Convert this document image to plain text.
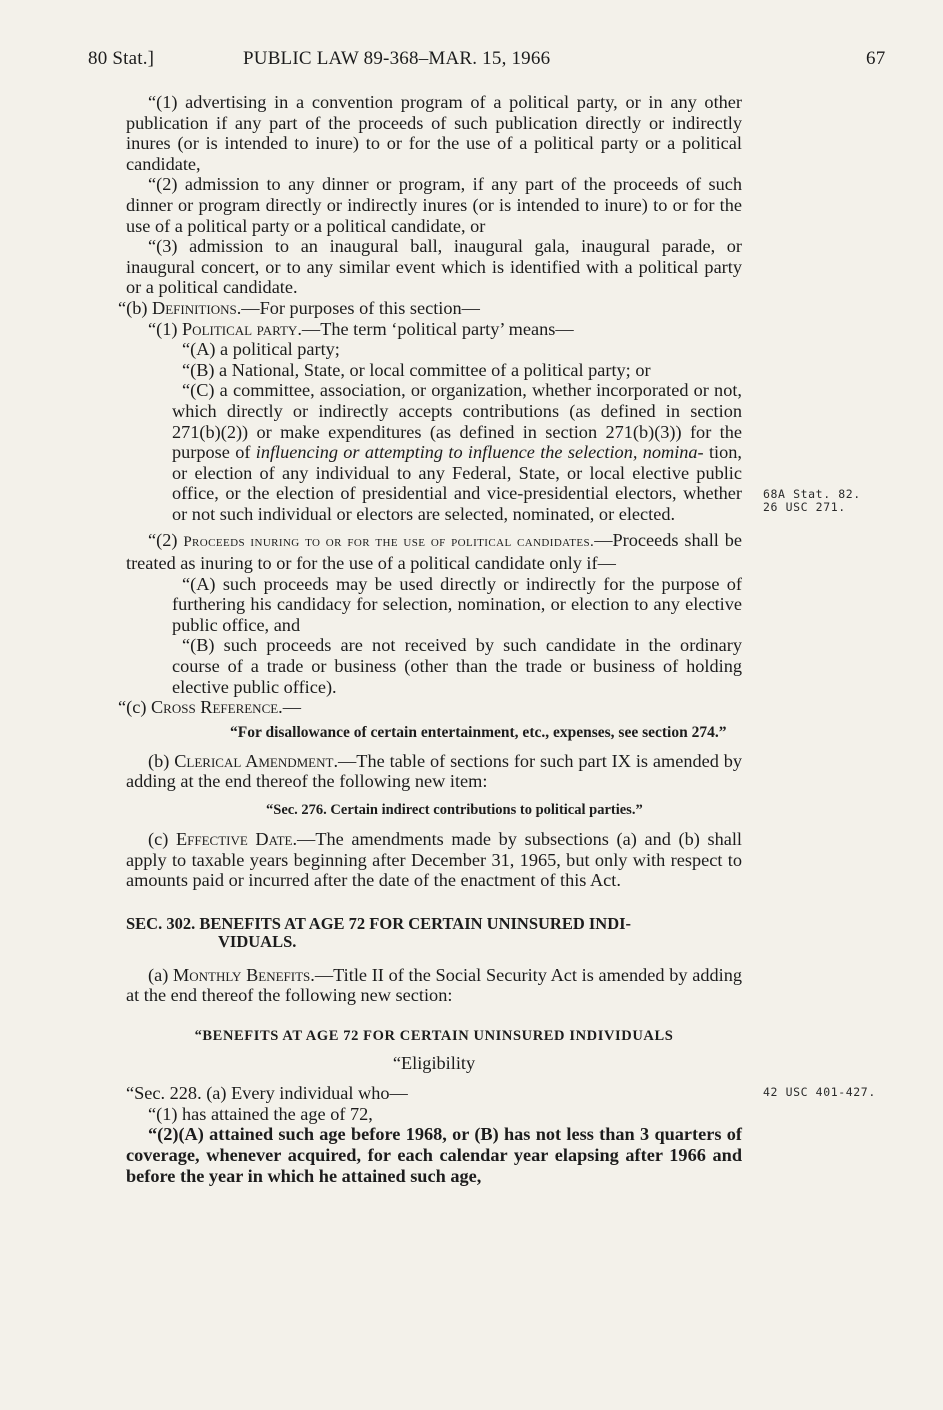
80 Stat.]	PUBLIC LAW 89-368–MAR. 15, 1966	67
68A Stat. 82.
26 USC 271.
42 USC 401-427.

“(1) advertising in a convention program of a political party, or in any other publication if any part of the proceeds of such publication directly or indirectly inures (or is intended to inure) to or for the use of a political party or a political candidate,

“(2) admission to any dinner or program, if any part of the proceeds of such dinner or program directly or indirectly inures (or is intended to inure) to or for the use of a political party or a political candidate, or

“(3) admission to an inaugural ball, inaugural gala, inaugural parade, or inaugural concert, or to any similar event which is identified with a political party or a political candidate.

“(b) Definitions.—For purposes of this section—

“(1) Political party.—The term ‘political party’ means—

“(A) a political party;

“(B) a National, State, or local committee of a political party; or

“(C) a committee, association, or organization, whether incorporated or not, which directly or indirectly accepts contributions (as defined in section 271(b)(2)) or make expenditures (as defined in section 271(b)(3)) for the purpose of influencing or attempting to influence the selection, nomina- tion, or election of any individual to any Federal, State, or local elective public office, or the election of presidential and vice-presidential electors, whether or not such individual or electors are selected, nominated, or elected.

“(2) Proceeds inuring to or for the use of political candidates.—Proceeds shall be treated as inuring to or for the use of a political candidate only if—

“(A) such proceeds may be used directly or indirectly for the purpose of furthering his candidacy for selection, nomination, or election to any elective public office, and

“(B) such proceeds are not received by such candidate in the ordinary course of a trade or business (other than the trade or business of holding elective public office).

“(c) Cross Reference.—

“For disallowance of certain entertainment, etc., expenses, see section 274.”

(b) Clerical Amendment.—The table of sections for such part IX is amended by adding at the end thereof the following new item:

“Sec. 276. Certain indirect contributions to political parties.”

(c) Effective Date.—The amendments made by subsections (a) and (b) shall apply to taxable years beginning after December 31, 1965, but only with respect to amounts paid or incurred after the date of the enactment of this Act.

SEC. 302. BENEFITS AT AGE 72 FOR CERTAIN UNINSURED INDI-
VIDUALS.

(a) Monthly Benefits.—Title II of the Social Security Act is amended by adding at the end thereof the following new section:

“BENEFITS AT AGE 72 FOR CERTAIN UNINSURED INDIVIDUALS

“Eligibility

“Sec. 228. (a) Every individual who—

“(1) has attained the age of 72,

“(2)(A) attained such age before 1968, or (B) has not less than 3 quarters of coverage, whenever acquired, for each calendar year elapsing after 1966 and before the year in which he attained such age,
